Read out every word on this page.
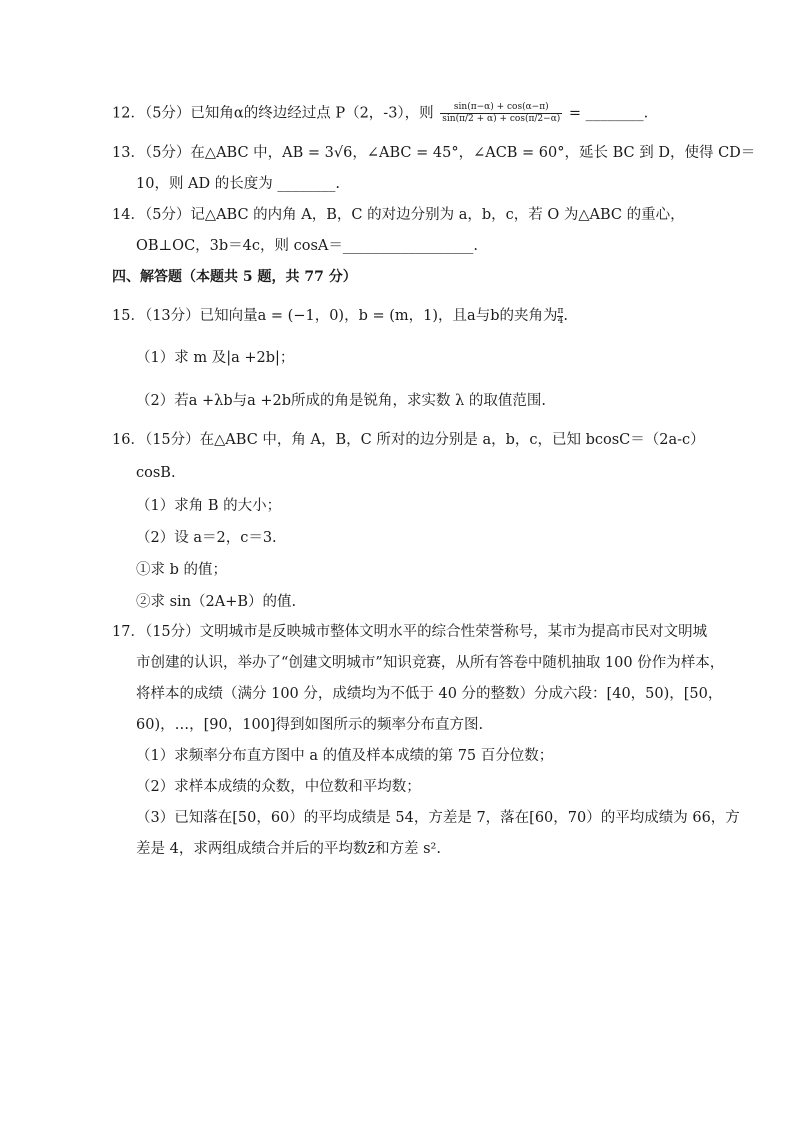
12．（5分）已知角α的终边经过点 P（2，-3），则 $\frac{\sin(\pi-\alpha) + \cos(\alpha-\pi)}{\sin(\pi/2 + \alpha) + \cos(\pi/2-\alpha)}$ = ________.
13．（5分）在△ABC 中，AB = 3√6，∠ABC = 45°，∠ACB = 60°，延长 BC 到 D，使得 CD＝
10，则 AD 的长度为 ________.
14．（5分）记△ABC 的内角 A，B，C 的对边分别为 a，b，c，若 O 为△ABC 的重心，
OB⊥OC，3b＝4c，则 cosA＝__________________.
四、解答题（本题共 5 题，共 77 分）
15．（13分）已知向量a = (−1，0)，b = (m，1)，且a与b的夹角为 $\frac{\pi}{4}$ .
（1）求 m 及|a +2b|；
（2）若a +λb与a +2b所成的角是锐角，求实数 λ 的取值范围.
16．（15分）在△ABC 中，角 A，B，C 所对的边分别是 a，b，c，已知 bcosC＝（2a-c）
cosB.
（1）求角 B 的大小；
（2）设 a＝2，c＝3.
①求 b 的值；
②求 sin（2A+B）的值.
17．（15分）文明城市是反映城市整体文明水平的综合性荣誉称号，某市为提高市民对文明城
市创建的认识，举办了“创建文明城市”知识竞赛，从所有答卷中随机抽取 100 份作为样本，
将样本的成绩（满分 100 分，成绩均为不低于 40 分的整数）分成六段：[40，50)，[50，
60)，…，[90，100]得到如图所示的频率分布直方图.
（1）求频率分布直方图中 a 的值及样本成绩的第 75 百分位数；
（2）求样本成绩的众数，中位数和平均数；
（3）已知落在[50，60）的平均成绩是 54，方差是 7，落在[60，70）的平均成绩为 66，方
差是 4，求两组成绩合并后的平均数z̄和方差 s².
